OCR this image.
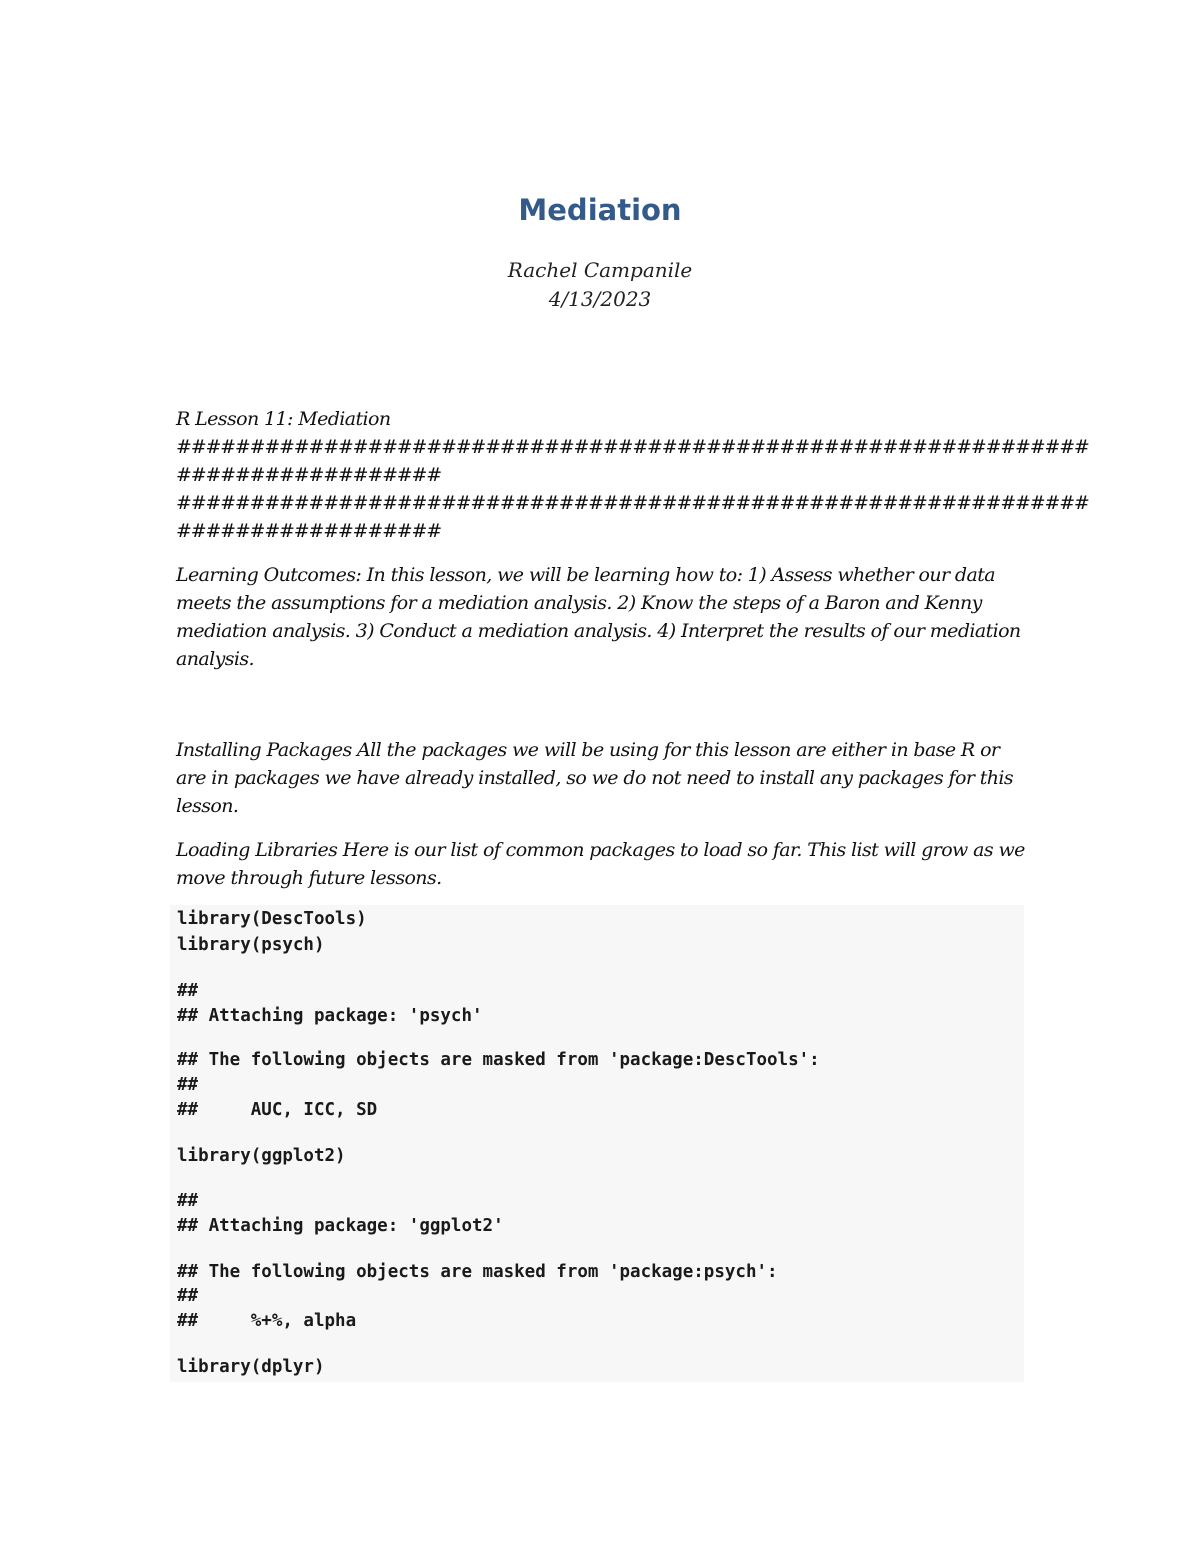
Mediation
Rachel Campanile
4/13/2023
R Lesson 11: Mediation
##############################################################
##################
##############################################################
##################
Learning Outcomes: In this lesson, we will be learning how to: 1) Assess whether our data meets the assumptions for a mediation analysis. 2) Know the steps of a Baron and Kenny mediation analysis. 3) Conduct a mediation analysis. 4) Interpret the results of our mediation analysis.
Installing Packages All the packages we will be using for this lesson are either in base R or are in packages we have already installed, so we do not need to install any packages for this lesson.
Loading Libraries Here is our list of common packages to load so far. This list will grow as we move through future lessons.
library(DescTools)
library(psych)
##
## Attaching package: 'psych'
## The following objects are masked from 'package:DescTools':
##
##     AUC, ICC, SD
library(ggplot2)
##
## Attaching package: 'ggplot2'
## The following objects are masked from 'package:psych':
##
##     %+%, alpha
library(dplyr)
